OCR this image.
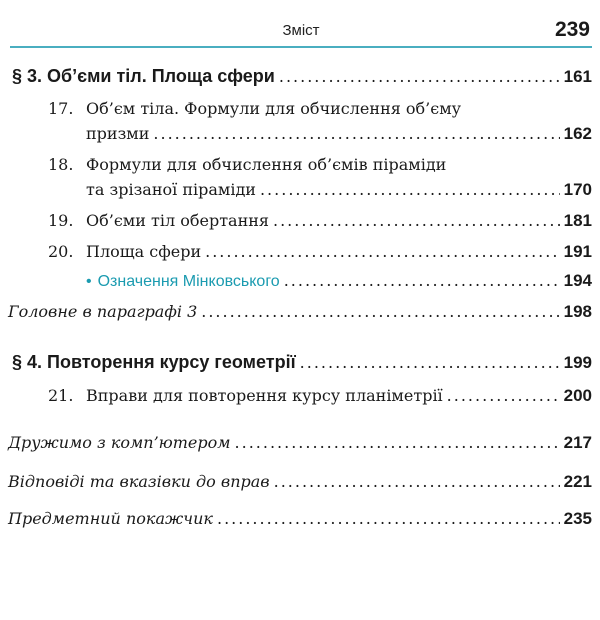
Зміст	239
§ 3. Об’єми тіл. Площа сфери .....	161
17. Об’єм тіла. Формули для обчислення об’єму
призми .....	162
18. Формули для обчислення об’ємів піраміди
та зрізаної піраміди .....	170
19. Об’єми тіл обертання .....	181
20. Площа сфери .....	191
• Означення Мінковського .....	194
Головне в параграфі 3 .....	198
§ 4. Повторення курсу геометрії .....	199
21. Вправи для повторення курсу планіметрії .....	200
Дружимо з комп’ютером .....	217
Відповіді та вказівки до вправ .....	221
Предметний покажчик .....	235
